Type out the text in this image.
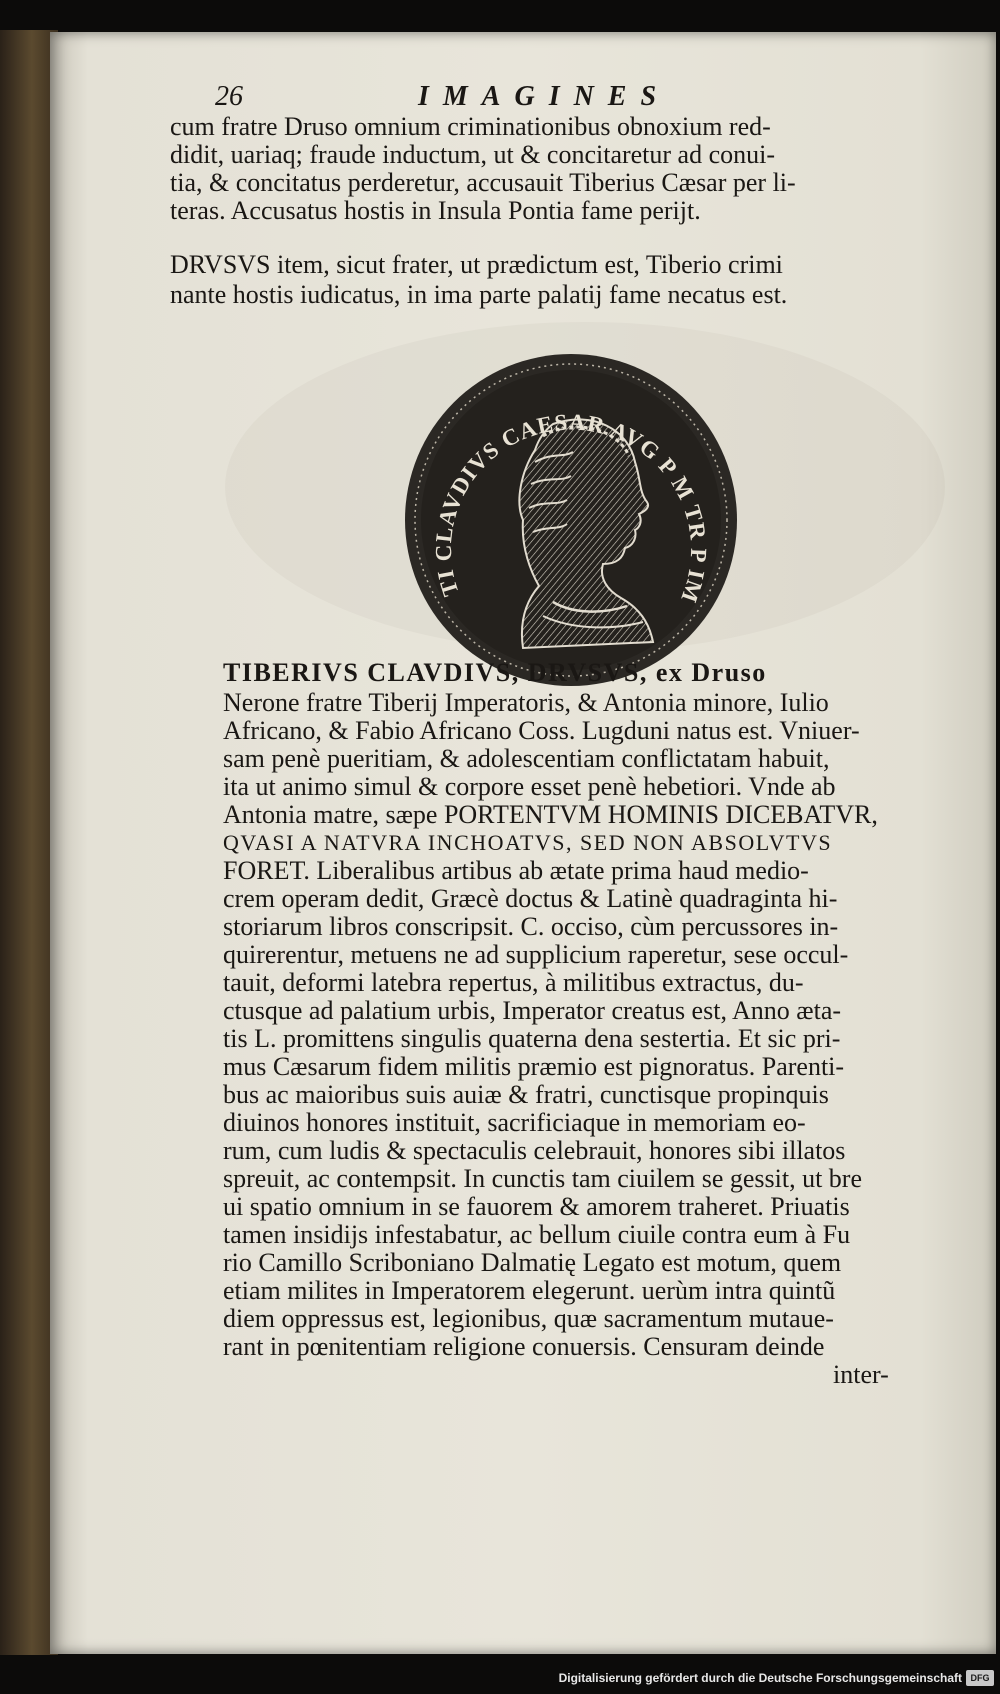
26	IMAGINES

cum fratre Druso omnium criminationibus obnoxium red-

didit, uariaq; fraude inductum, ut & concitaretur ad conui-

tia, & concitatus perderetur, accusauit Tiberius Cæsar per li-

teras. Accusatus hostis in Insula Pontia fame perijt.

DRVSVS item, sicut frater, ut prædictum est, Tiberio crimi

nante hostis iudicatus, in ima parte palatij fame necatus est.

TI CLAVDIVS CAESAR AVG P M TR P IM

TIBERIVS CLAVDIVS, DRVSVS, ex Druso

Nerone fratre Tiberij Imperatoris, & Antonia minore, Iulio

Africano, & Fabio Africano Coss. Lugduni natus est. Vniuer-

sam penè pueritiam, & adolescentiam conflictatam habuit,

ita ut animo simul & corpore esset penè hebetiori. Vnde ab

Antonia matre, sæpe PORTENTVM HOMINIS DICEBATVR,

QVASI A NATVRA INCHOATVS, SED NON ABSOLVTVS

FORET. Liberalibus artibus ab ætate prima haud medio-

crem operam dedit, Græcè doctus & Latinè quadraginta hi-

storiarum libros conscripsit. C. occiso, cùm percussores in-

quirerentur, metuens ne ad supplicium raperetur, sese occul-

tauit, deformi latebra repertus, à militibus extractus, du-

ctusque ad palatium urbis, Imperator creatus est, Anno æta-

tis L. promittens singulis quaterna dena sestertia. Et sic pri-

mus Cæsarum fidem militis præmio est pignoratus. Parenti-

bus ac maioribus suis auiæ & fratri, cunctisque propinquis

diuinos honores instituit, sacrificiaque in memoriam eo-

rum, cum ludis & spectaculis celebrauit, honores sibi illatos

spreuit, ac contempsit. In cunctis tam ciuilem se gessit, ut bre

ui spatio omnium in se fauorem & amorem traheret. Priuatis

tamen insidijs infestabatur, ac bellum ciuile contra eum à Fu

rio Camillo Scriboniano Dalmatię Legato est motum, quem

etiam milites in Imperatorem elegerunt. uerùm intra quintũ

diem oppressus est, legionibus, quæ sacramentum mutaue-

rant in pœnitentiam religione conuersis. Censuram deinde

inter-

Digitalisierung gefördert durch die Deutsche Forschungsgemeinschaft DFG
